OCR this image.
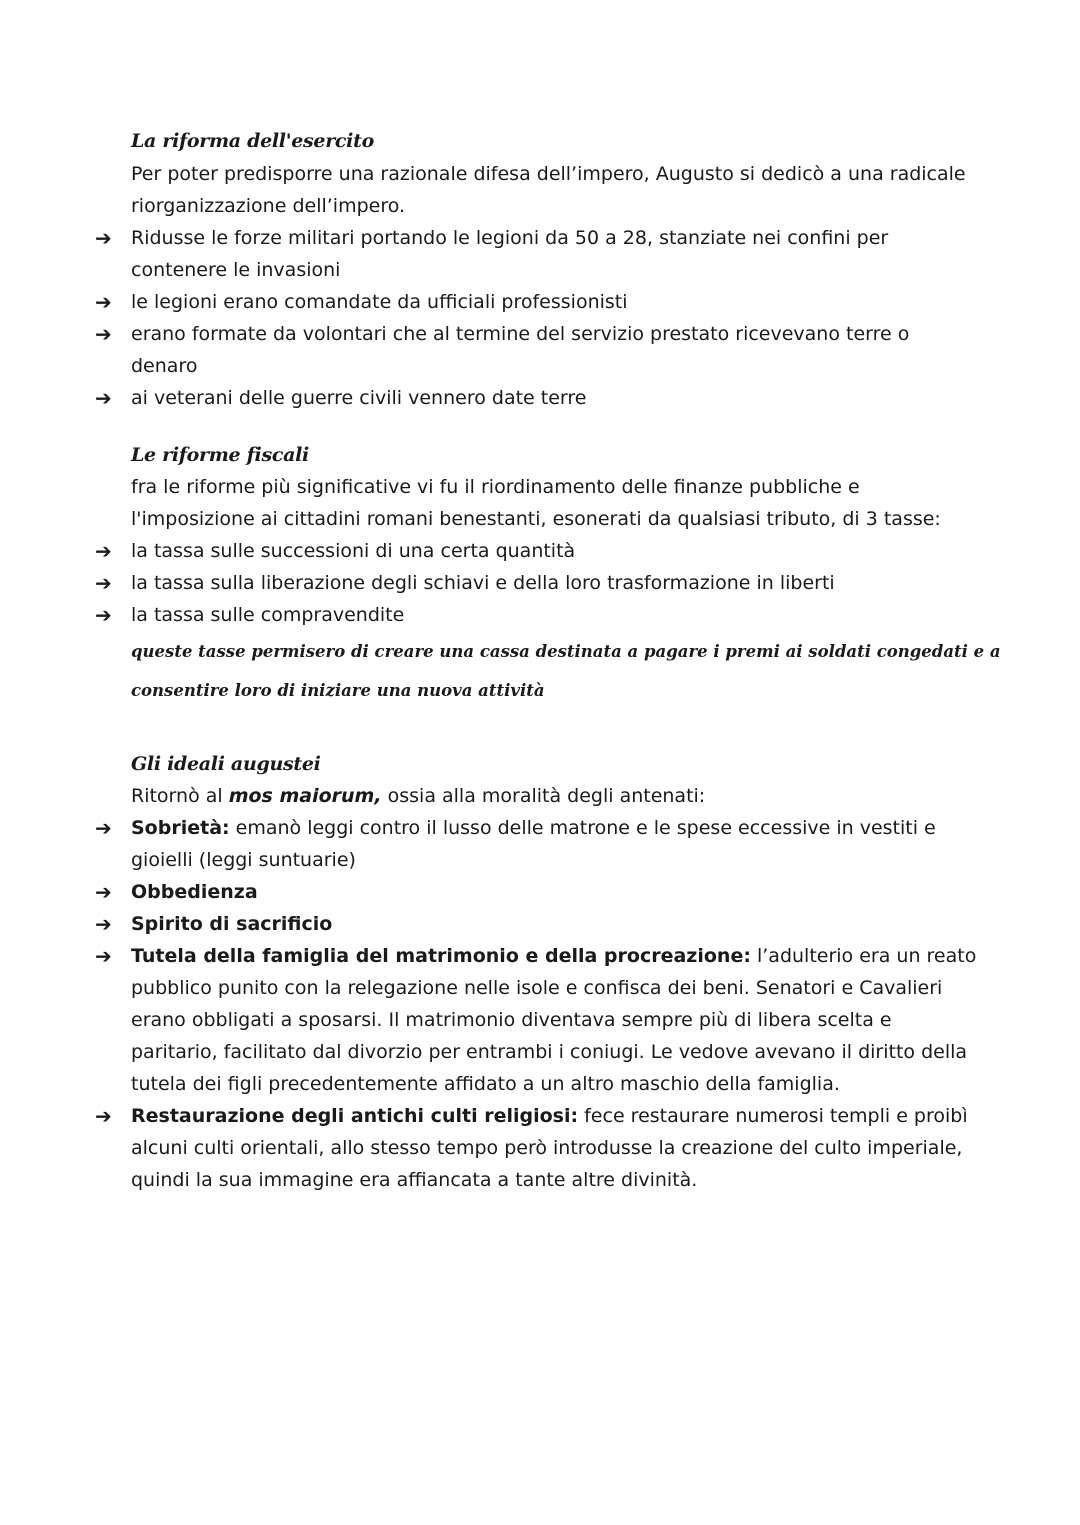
La riforma dell'esercito
Per poter predisporre una razionale difesa dell’impero, Augusto si dedicò a una radicale
riorganizzazione dell’impero.
➔ Ridusse le forze militari portando le legioni da 50 a 28, stanziate nei confini per
contenere le invasioni
➔ le legioni erano comandate da ufficiali professionisti
➔ erano formate da volontari che al termine del servizio prestato ricevevano terre o
denaro
➔ ai veterani delle guerre civili vennero date terre
Le riforme fiscali
fra le riforme più significative vi fu il riordinamento delle finanze pubbliche e
l'imposizione ai cittadini romani benestanti, esonerati da qualsiasi tributo, di 3 tasse:
➔ la tassa sulle successioni di una certa quantità
➔ la tassa sulla liberazione degli schiavi e della loro trasformazione in liberti
➔ la tassa sulle compravendite
queste tasse permisero di creare una cassa destinata a pagare i premi ai soldati congedati e a
consentire loro di iniziare una nuova attività
Gli ideali augustei
Ritornò al mos maiorum, ossia alla moralità degli antenati:
➔ Sobrietà: emanò leggi contro il lusso delle matrone e le spese eccessive in vestiti e
gioielli (leggi suntuarie)
➔ Obbedienza
➔ Spirito di sacrificio
➔ Tutela della famiglia del matrimonio e della procreazione: l’adulterio era un reato
pubblico punito con la relegazione nelle isole e confisca dei beni. Senatori e Cavalieri
erano obbligati a sposarsi. Il matrimonio diventava sempre più di libera scelta e
paritario, facilitato dal divorzio per entrambi i coniugi. Le vedove avevano il diritto della
tutela dei figli precedentemente affidato a un altro maschio della famiglia.
➔ Restaurazione degli antichi culti religiosi: fece restaurare numerosi templi e proibì
alcuni culti orientali, allo stesso tempo però introdusse la creazione del culto imperiale,
quindi la sua immagine era affiancata a tante altre divinità.
